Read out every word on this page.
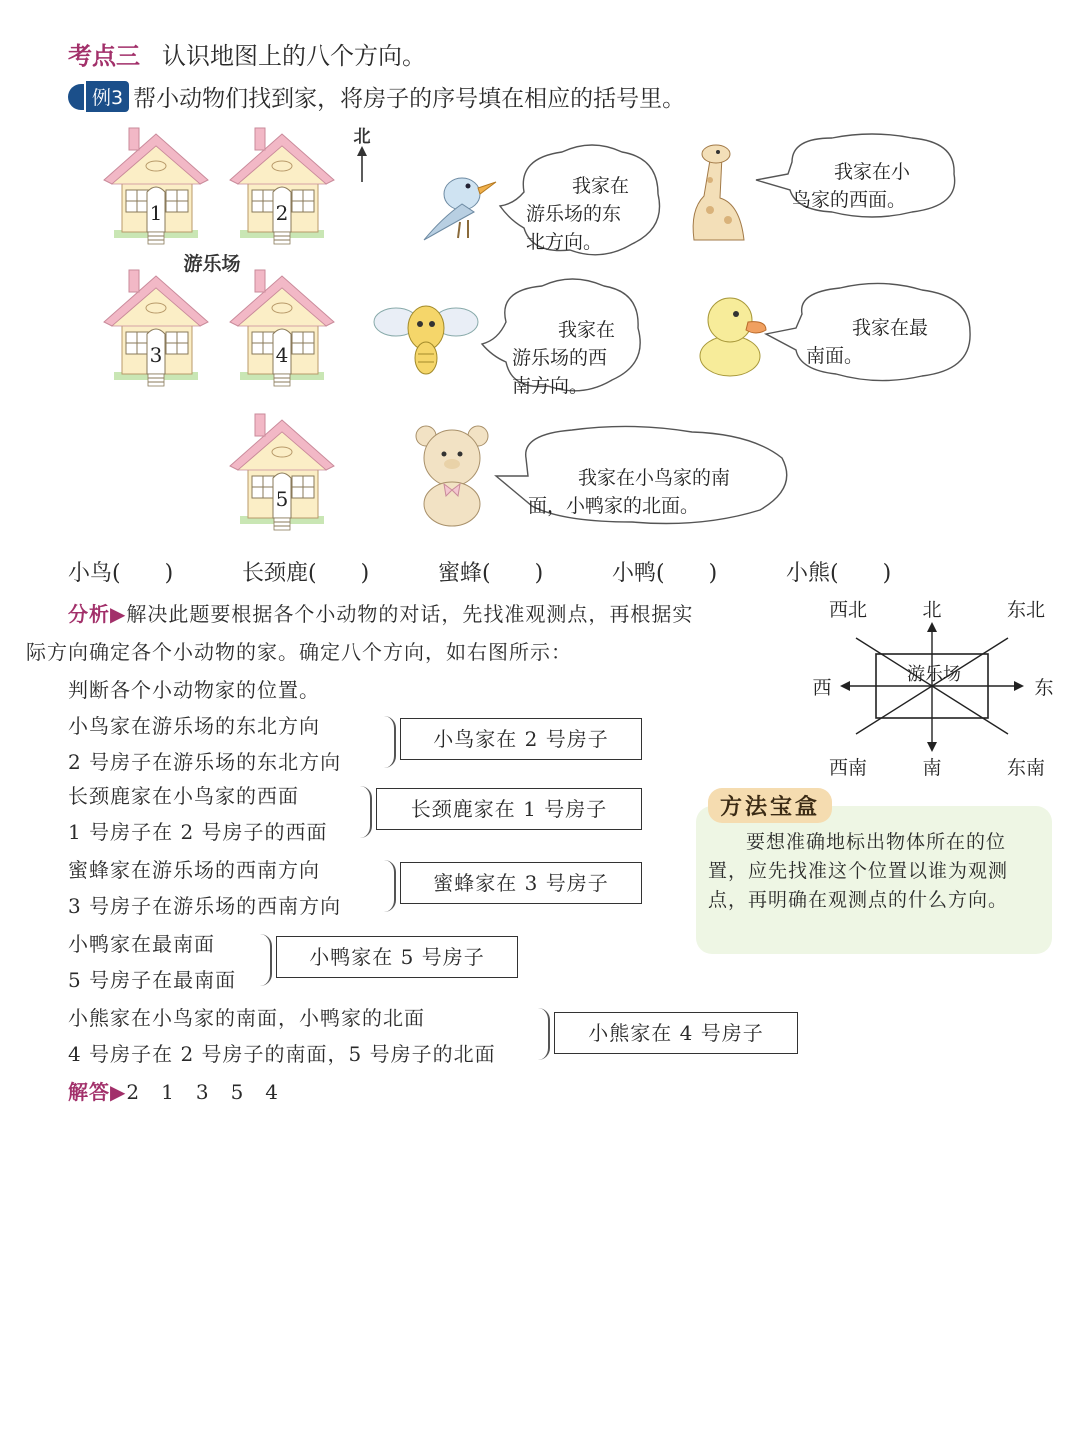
考点三 认识地图上的八个方向。
例3 帮小动物们找到家，将房子的序号填在相应的括号里。
1	2
3	4
5
游乐场
北
我家在 游乐场的东 北方向。
我家在小 鸟家的西面。
我家在 游乐场的西 南方向。
我家在最 南面。
我家在小鸟家的南 面，小鸭家的北面。
小鸟(　　)	长颈鹿(　　)	蜜蜂(　　)	小鸭(　　)	小熊(　　)
分析▶解决此题要根据各个小动物的对话，先找准观测点，再根据实
际方向确定各个小动物的家。确定八个方向，如右图所示：
判断各个小动物家的位置。
小鸟家在游乐场的东北方向
2 号房子在游乐场的东北方向
小鸟家在 2 号房子
长颈鹿家在小鸟家的西面
1 号房子在 2 号房子的西面
长颈鹿家在 1 号房子
蜜蜂家在游乐场的西南方向
3 号房子在游乐场的西南方向
蜜蜂家在 3 号房子
小鸭家在最南面
5 号房子在最南面
小鸭家在 5 号房子
小熊家在小鸟家的南面，小鸭家的北面
4 号房子在 2 号房子的南面，5 号房子的北面
小熊家在 4 号房子
解答▶2　1　3　5　4
西北	北	东北
西	东
西南	南	东南
游乐场
方法宝盒
要想准确地标出物体所在的位置，应先找准这个位置以谁为观测点，再明确在观测点的什么方向。
